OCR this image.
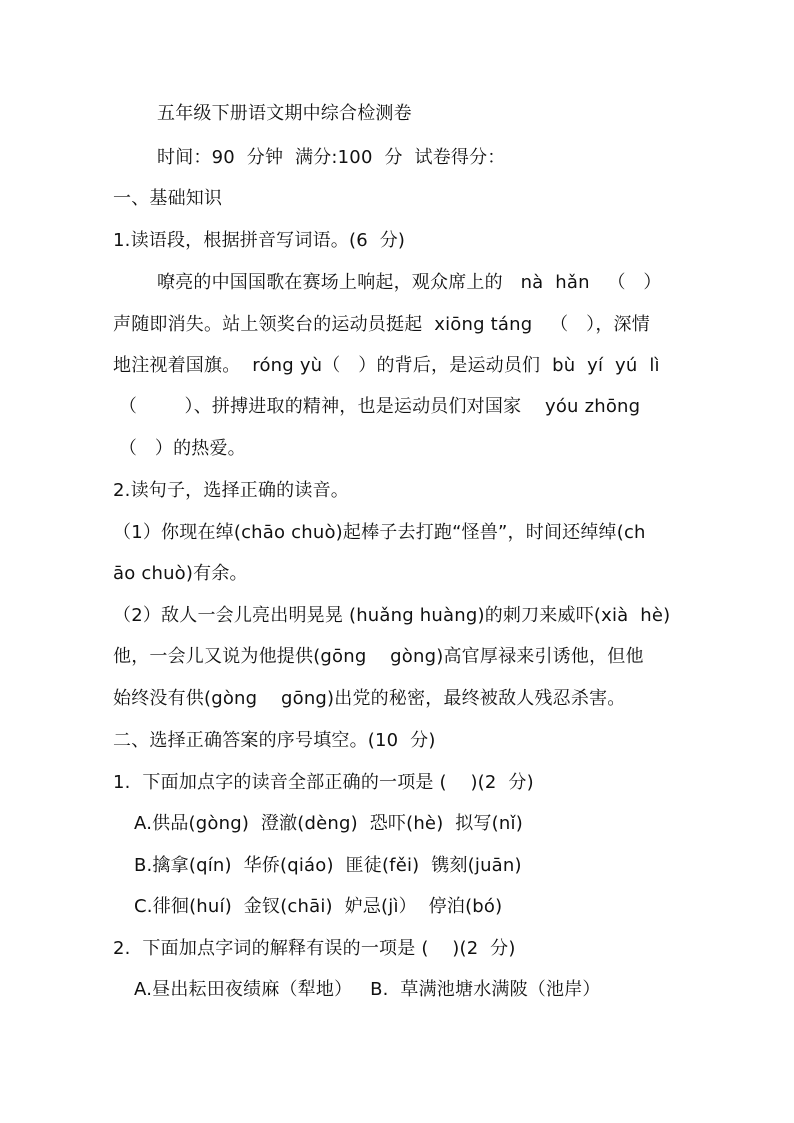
五年级下册语文期中综合检测卷
时间：90  分钟  满分:100  分  试卷得分：
一、基础知识
1.读语段，根据拼音写词语。(6  分)
嘹亮的中国国歌在赛场上响起，观众席上的   nà  hǎn   （   ）
声随即消失。站上领奖台的运动员挺起  xiōng táng   （   ），深情
地注视着国旗。  róng yù（   ）的背后，是运动员们  bù  yí  yú  lì
（        ）、拼搏进取的精神，也是运动员们对国家    yóu zhōng
（   ）的热爱。
2.读句子，选择正确的读音。
（1）你现在绰(chāo chuò)起棒子去打跑“怪兽”，时间还绰绰(ch
āo chuò)有余。
（2）敌人一会儿亮出明晃晃 (huǎng huàng)的刺刀来威吓(xià  hè)
他，一会儿又说为他提供(gōng    gòng)高官厚禄来引诱他，但他
始终没有供(gòng    gōng)出党的秘密，最终被敌人残忍杀害。
二、选择正确答案的序号填空。(10  分)
1.  下面加点字的读音全部正确的一项是 (    )(2  分)
A.供品(gòng)  澄澈(dèng)  恐吓(hè)  拟写(nǐ)
B.擒拿(qín)  华侨(qiáo)  匪徒(fěi)  镌刻(juān)
C.徘徊(huí)  金钗(chāi)  妒忌(jì）  停泊(bó)
2.  下面加点字词的解释有误的一项是 (    )(2  分)
A.昼出耘田夜绩麻（犁地）   B.  草满池塘水满陂（池岸）
